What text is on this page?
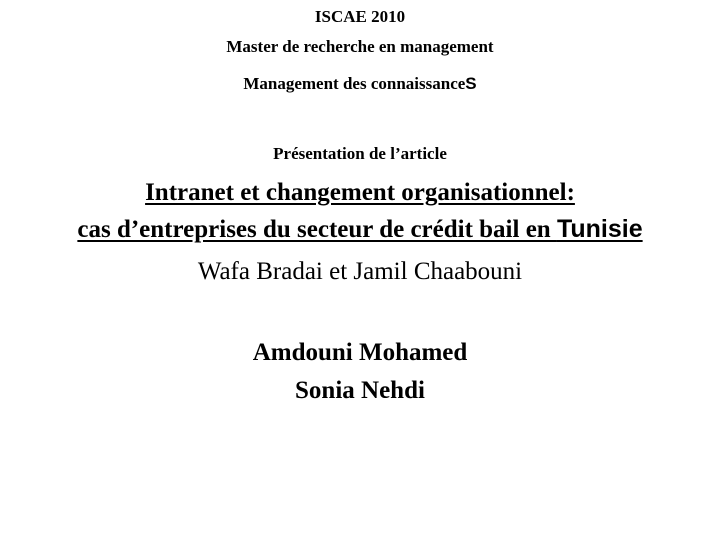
ISCAE 2010
Master de recherche en management
Management des connaissanceS
Présentation de l’article
Intranet et changement organisationnel:
cas d’entreprises du secteur de crédit bail en Tunisie
Wafa Bradai et Jamil Chaabouni
Amdouni Mohamed
Sonia Nehdi
